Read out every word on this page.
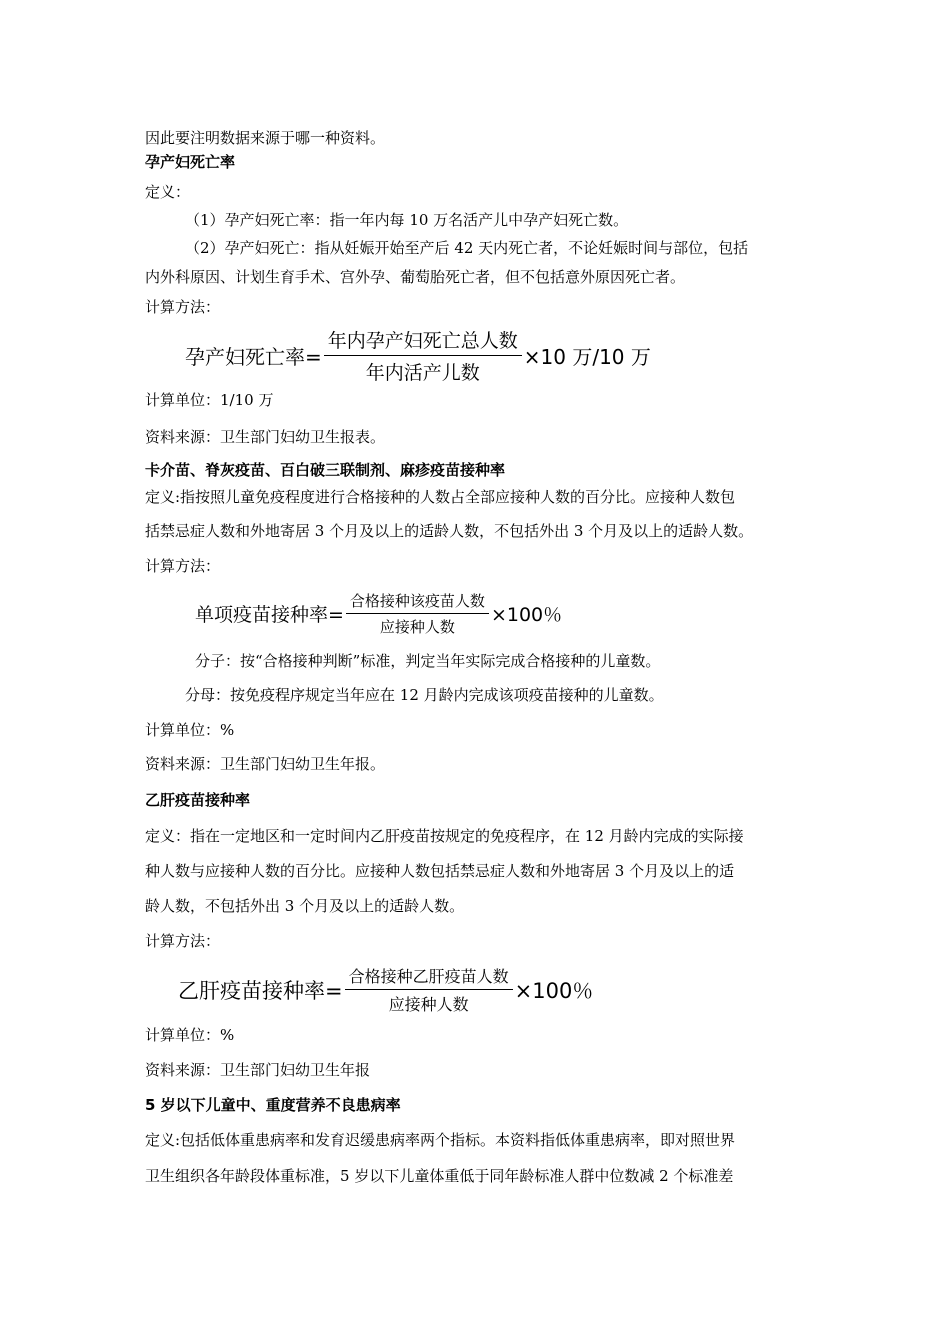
因此要注明数据来源于哪一种资料。
孕产妇死亡率
定义：
（1）孕产妇死亡率：指一年内每 10 万名活产儿中孕产妇死亡数。
（2）孕产妇死亡：指从妊娠开始至产后 42 天内死亡者，不论妊娠时间与部位，包括
内外科原因、计划生育手术、宫外孕、葡萄胎死亡者，但不包括意外原因死亡者。
计算方法：
孕产妇死亡率= $\frac{\text{年内孕产妇死亡总人数}}{\text{年内活产儿数}} \times 10$ 万/10 万
计算单位：1/10 万
资料来源：卫生部门妇幼卫生报表。
卡介苗、脊灰疫苗、百白破三联制剂、麻疹疫苗接种率
定义:指按照儿童免疫程度进行合格接种的人数占全部应接种人数的百分比。应接种人数包
括禁忌症人数和外地寄居 3 个月及以上的适龄人数，不包括外出 3 个月及以上的适龄人数。
计算方法：
单项疫苗接种率= $\frac{\text{合格接种该疫苗人数}}{\text{应接种人数}} \times 100$％
分子：按“合格接种判断”标准，判定当年实际完成合格接种的儿童数。
分母：按免疫程序规定当年应在 12 月龄内完成该项疫苗接种的儿童数。
计算单位：%
资料来源：卫生部门妇幼卫生年报。
乙肝疫苗接种率
定义：指在一定地区和一定时间内乙肝疫苗按规定的免疫程序，在 12 月龄内完成的实际接
种人数与应接种人数的百分比。应接种人数包括禁忌症人数和外地寄居 3 个月及以上的适
龄人数，不包括外出 3 个月及以上的适龄人数。
计算方法：
乙肝疫苗接种率= $\frac{\text{合格接种乙肝疫苗人数}}{\text{应接种人数}} \times 100$％
计算单位：%
资料来源：卫生部门妇幼卫生年报
5 岁以下儿童中、重度营养不良患病率
定义:包括低体重患病率和发育迟缓患病率两个指标。本资料指低体重患病率，即对照世界
卫生组织各年龄段体重标准，5 岁以下儿童体重低于同年龄标准人群中位数减 2 个标准差
